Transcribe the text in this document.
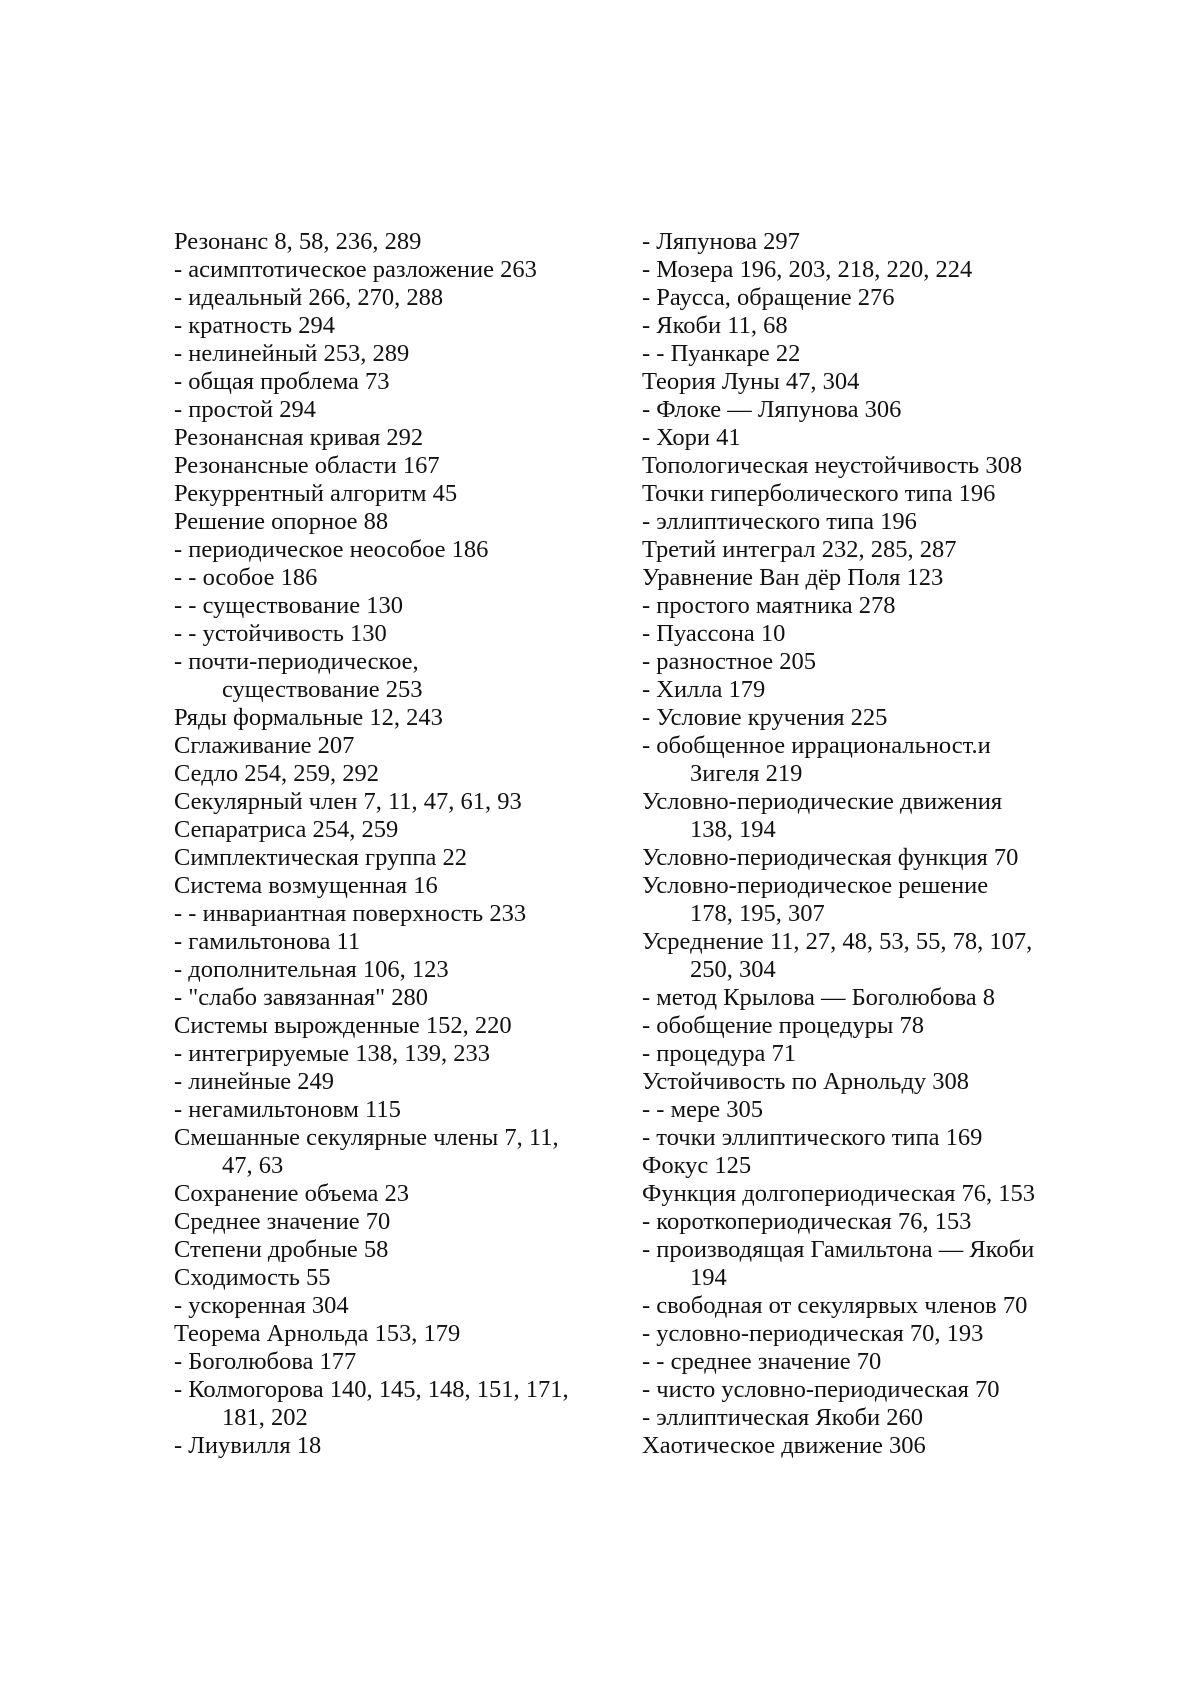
Резонанс 8, 58, 236, 289
- асимптотическое разложение 263
- идеальный 266, 270, 288
- кратность 294
- нелинейный 253, 289
- общая проблема 73
- простой 294
Резонансная кривая 292
Резонансные области 167
Рекуррентный алгоритм 45
Решение опорное 88
- периодическое неособое 186
- - особое 186
- - существование 130
- - устойчивость 130
- почти-периодическое,
существование 253
Ряды формальные 12, 243
Сглаживание 207
Седло 254, 259, 292
Секулярный член 7, 11, 47, 61, 93
Сепаратриса 254, 259
Симплектическая группа 22
Система возмущенная 16
- - инвариантная поверхность 233
- гамильтонова 11
- дополнительная 106, 123
- "слабо завязанная" 280
Системы вырожденные 152, 220
- интегрируемые 138, 139, 233
- линейные 249
- негамильтоновм 115
Смешанные секулярные члены 7, 11,
47, 63
Сохранение объема 23
Среднее значение 70
Степени дробные 58
Сходимость 55
- ускоренная 304
Теорема Арнольда 153, 179
- Боголюбова 177
- Колмогорова 140, 145, 148, 151, 171,
181, 202
- Лиувилля 18
- Ляпунова 297
- Мозера 196, 203, 218, 220, 224
- Раусса, обращение 276
- Якоби 11, 68
- - Пуанкаре 22
Теория Луны 47, 304
- Флоке — Ляпунова 306
- Хори 41
Топологическая неустойчивость 308
Точки гиперболического типа 196
- эллиптического типа 196
Третий интеграл 232, 285, 287
Уравнение Ван дёр Поля 123
- простого маятника 278
- Пуассона 10
- разностное 205
- Хилла 179
- Условие кручения 225
- обобщенное иррациональност.и
Зигеля 219
Условно-периодические движения
138, 194
Условно-периодическая функция 70
Условно-периодическое решение
178, 195, 307
Усреднение 11, 27, 48, 53, 55, 78, 107,
250, 304
- метод Крылова — Боголюбова 8
- обобщение процедуры 78
- процедура 71
Устойчивость по Арнольду 308
- - мере 305
- точки эллиптического типа 169
Фокус 125
Функция долгопериодическая 76, 153
- короткопериодическая 76, 153
- производящая Гамильтона — Якоби
194
- свободная от секулярвых членов 70
- условно-периодическая 70, 193
- - среднее значение 70
- чисто условно-периодическая 70
- эллиптическая Якоби 260
Хаотическое движение 306
